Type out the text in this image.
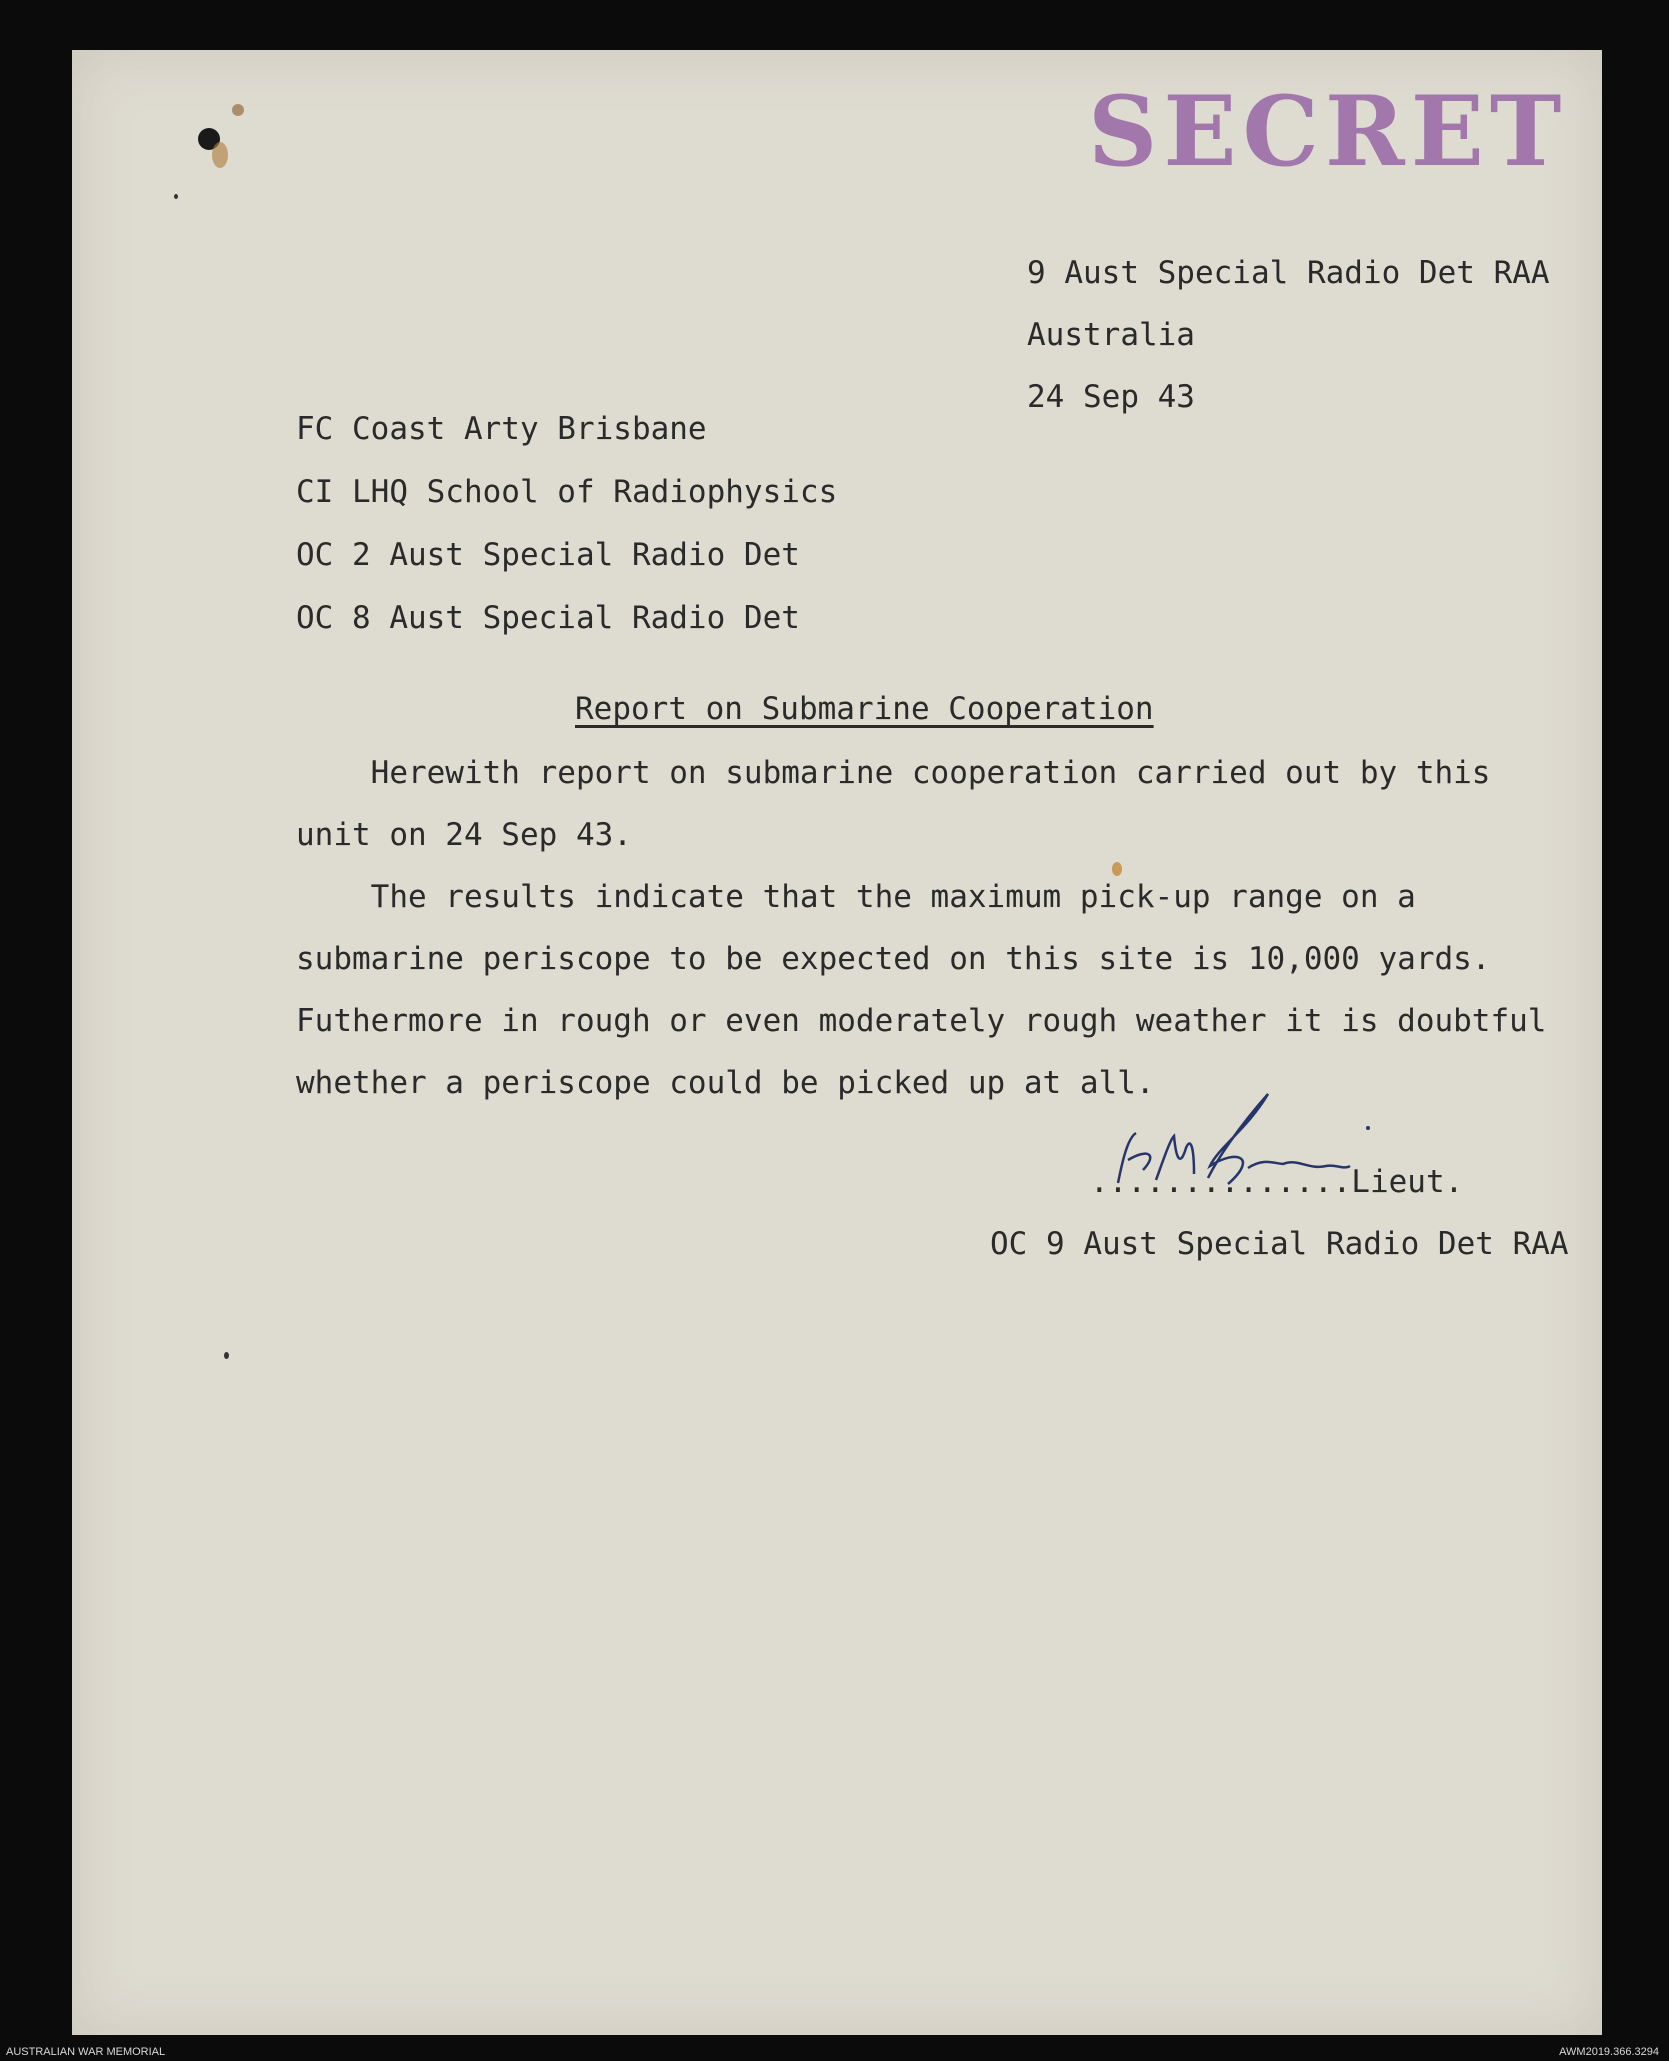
SECRET
9 Aust Special Radio Det RAA
Australia
24 Sep 43
FC Coast Arty Brisbane
CI LHQ School of Radiophysics
OC 2 Aust Special Radio Det
OC 8 Aust Special Radio Det
Report on Submarine Cooperation
Herewith report on submarine cooperation carried out by this
unit on 24 Sep 43.
The results indicate that the maximum pick-up range on a
submarine periscope to be expected on this site is 10,000 yards.
Futhermore in rough or even moderately rough weather it is doubtful
whether a periscope could be picked up at all.
..............Lieut.
OC 9 Aust Special Radio Det RAA
AUSTRALIAN WAR MEMORIAL	AWM2019.366.3294
